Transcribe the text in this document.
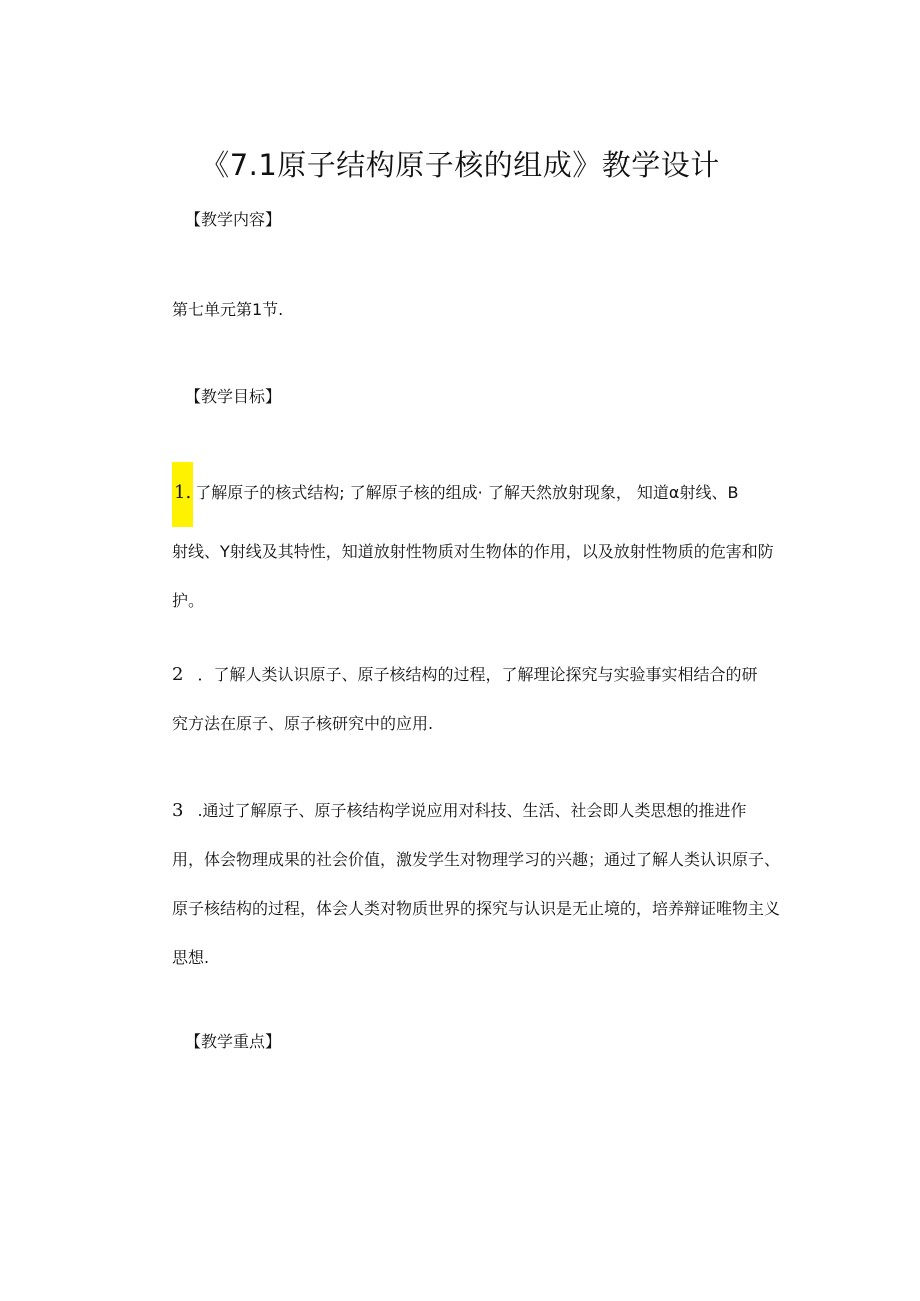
《7.1原子结构原子核的组成》教学设计
【教学内容】
第七单元第1节.
【教学目标】
1. 了解原子的核式结构; 了解原子核的组成· 了解天然放射现象， 知道α射线、B
射线、Y射线及其特性，知道放射性物质对生物体的作用，以及放射性物质的危害和防
护。
2 ．了解人类认识原子、原子核结构的过程，了解理论探究与实验事实相结合的研
究方法在原子、原子核研究中的应用.
3 .通过了解原子、原子核结构学说应用对科技、生活、社会即人类思想的推进作
用，体会物理成果的社会价值，激发学生对物理学习的兴趣；通过了解人类认识原子、
原子核结构的过程，体会人类对物质世界的探究与认识是无止境的，培养辩证唯物主义
思想.
【教学重点】
